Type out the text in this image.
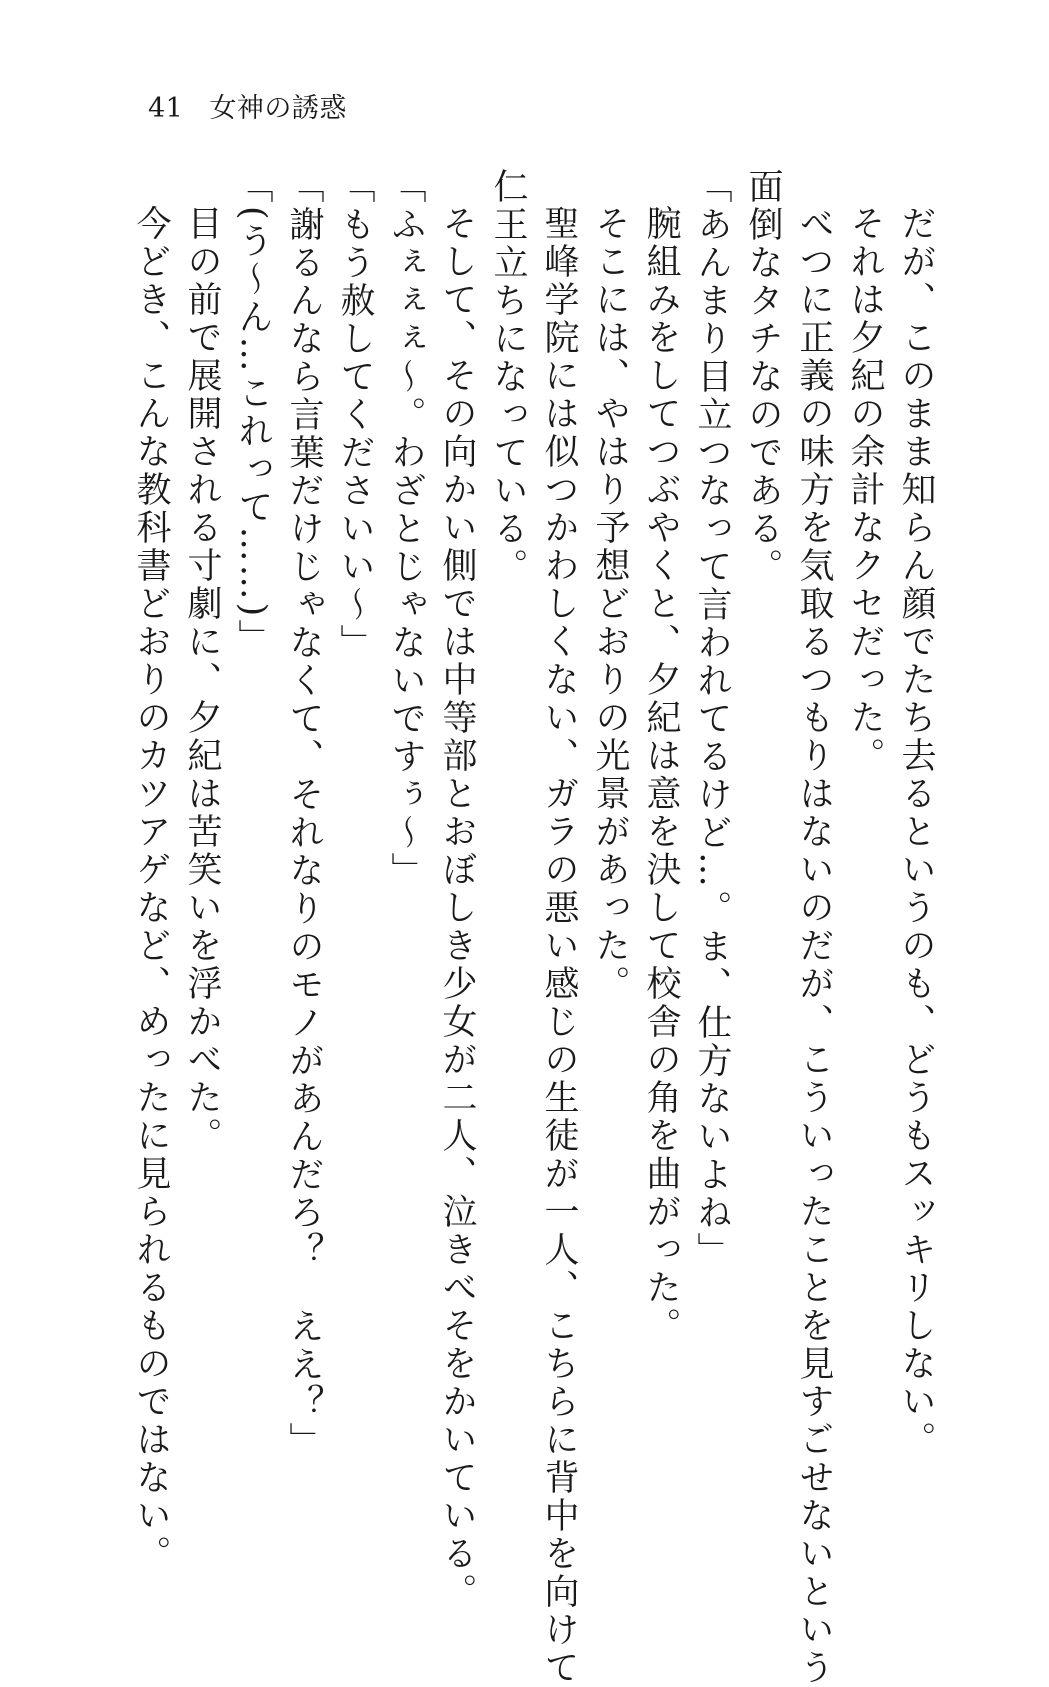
41 女神の誘惑
だが、このまま知らん顔でたち去るというのも、どうもスッキリしない。
それは夕紀の余計なクセだった。
べつに正義の味方を気取るつもりはないのだが、こういったことを見すごせないという
面倒なタチなのである。
「あんまり目立つなって言われてるけど…。ま、仕方ないよね」
腕組みをしてつぶやくと、夕紀は意を決して校舎の角を曲がった。
そこには、やはり予想どおりの光景があった。
聖峰学院には似つかわしくない、ガラの悪い感じの生徒が一人、こちらに背中を向けて
仁王立ちになっている。
そして、その向かい側では中等部とおぼしき少女が二人、泣きべそをかいている。
「ふぇぇぇ〜。わざとじゃないですぅ〜」
「もう赦してくださいい〜」
「謝るんなら言葉だけじゃなくて、それなりのモノがあんだろ？　ええ？」
「(う〜ん…これって……)」
目の前で展開される寸劇に、夕紀は苦笑いを浮かべた。
今どき、こんな教科書どおりのカツアゲなど、めったに見られるものではない。
